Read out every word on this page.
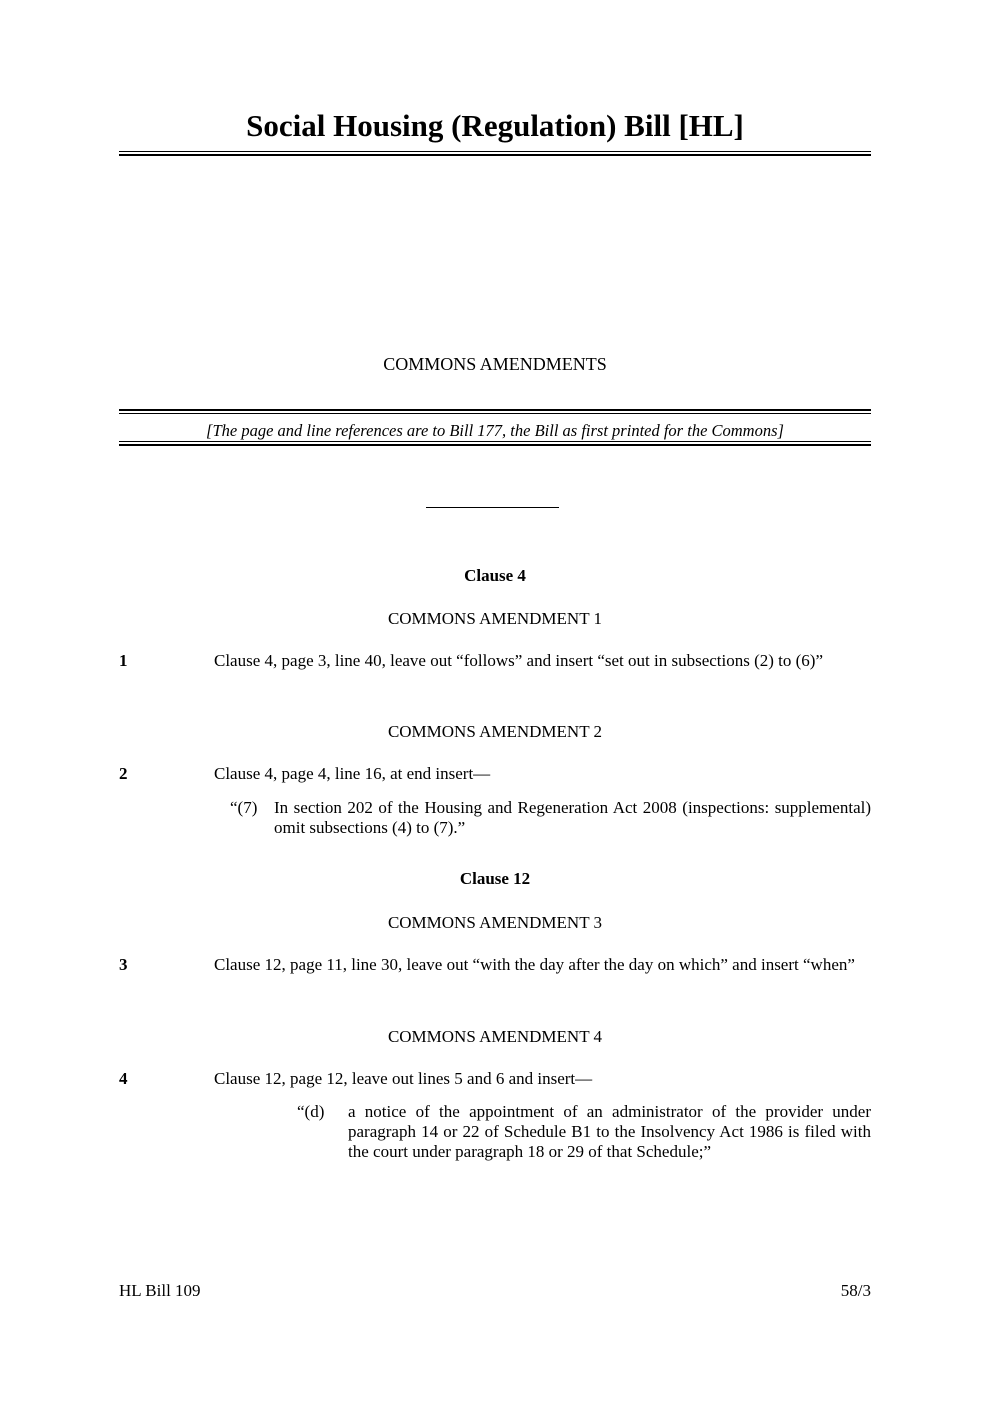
Social Housing (Regulation) Bill [HL]
COMMONS AMENDMENTS
[The page and line references are to Bill 177, the Bill as first printed for the Commons]
Clause 4
COMMONS AMENDMENT 1
1	Clause 4, page 3, line 40, leave out “follows” and insert “set out in subsections (2) to (6)”
COMMONS AMENDMENT 2
2	Clause 4, page 4, line 16, at end insert—
“(7) In section 202 of the Housing and Regeneration Act 2008 (inspections: supplemental) omit subsections (4) to (7).”
Clause 12
COMMONS AMENDMENT 3
3	Clause 12, page 11, line 30, leave out “with the day after the day on which” and insert “when”
COMMONS AMENDMENT 4
4	Clause 12, page 12, leave out lines 5 and 6 and insert—
“(d) a notice of the appointment of an administrator of the provider under paragraph 14 or 22 of Schedule B1 to the Insolvency Act 1986 is filed with the court under paragraph 18 or 29 of that Schedule;”
HL Bill 109	58/3
